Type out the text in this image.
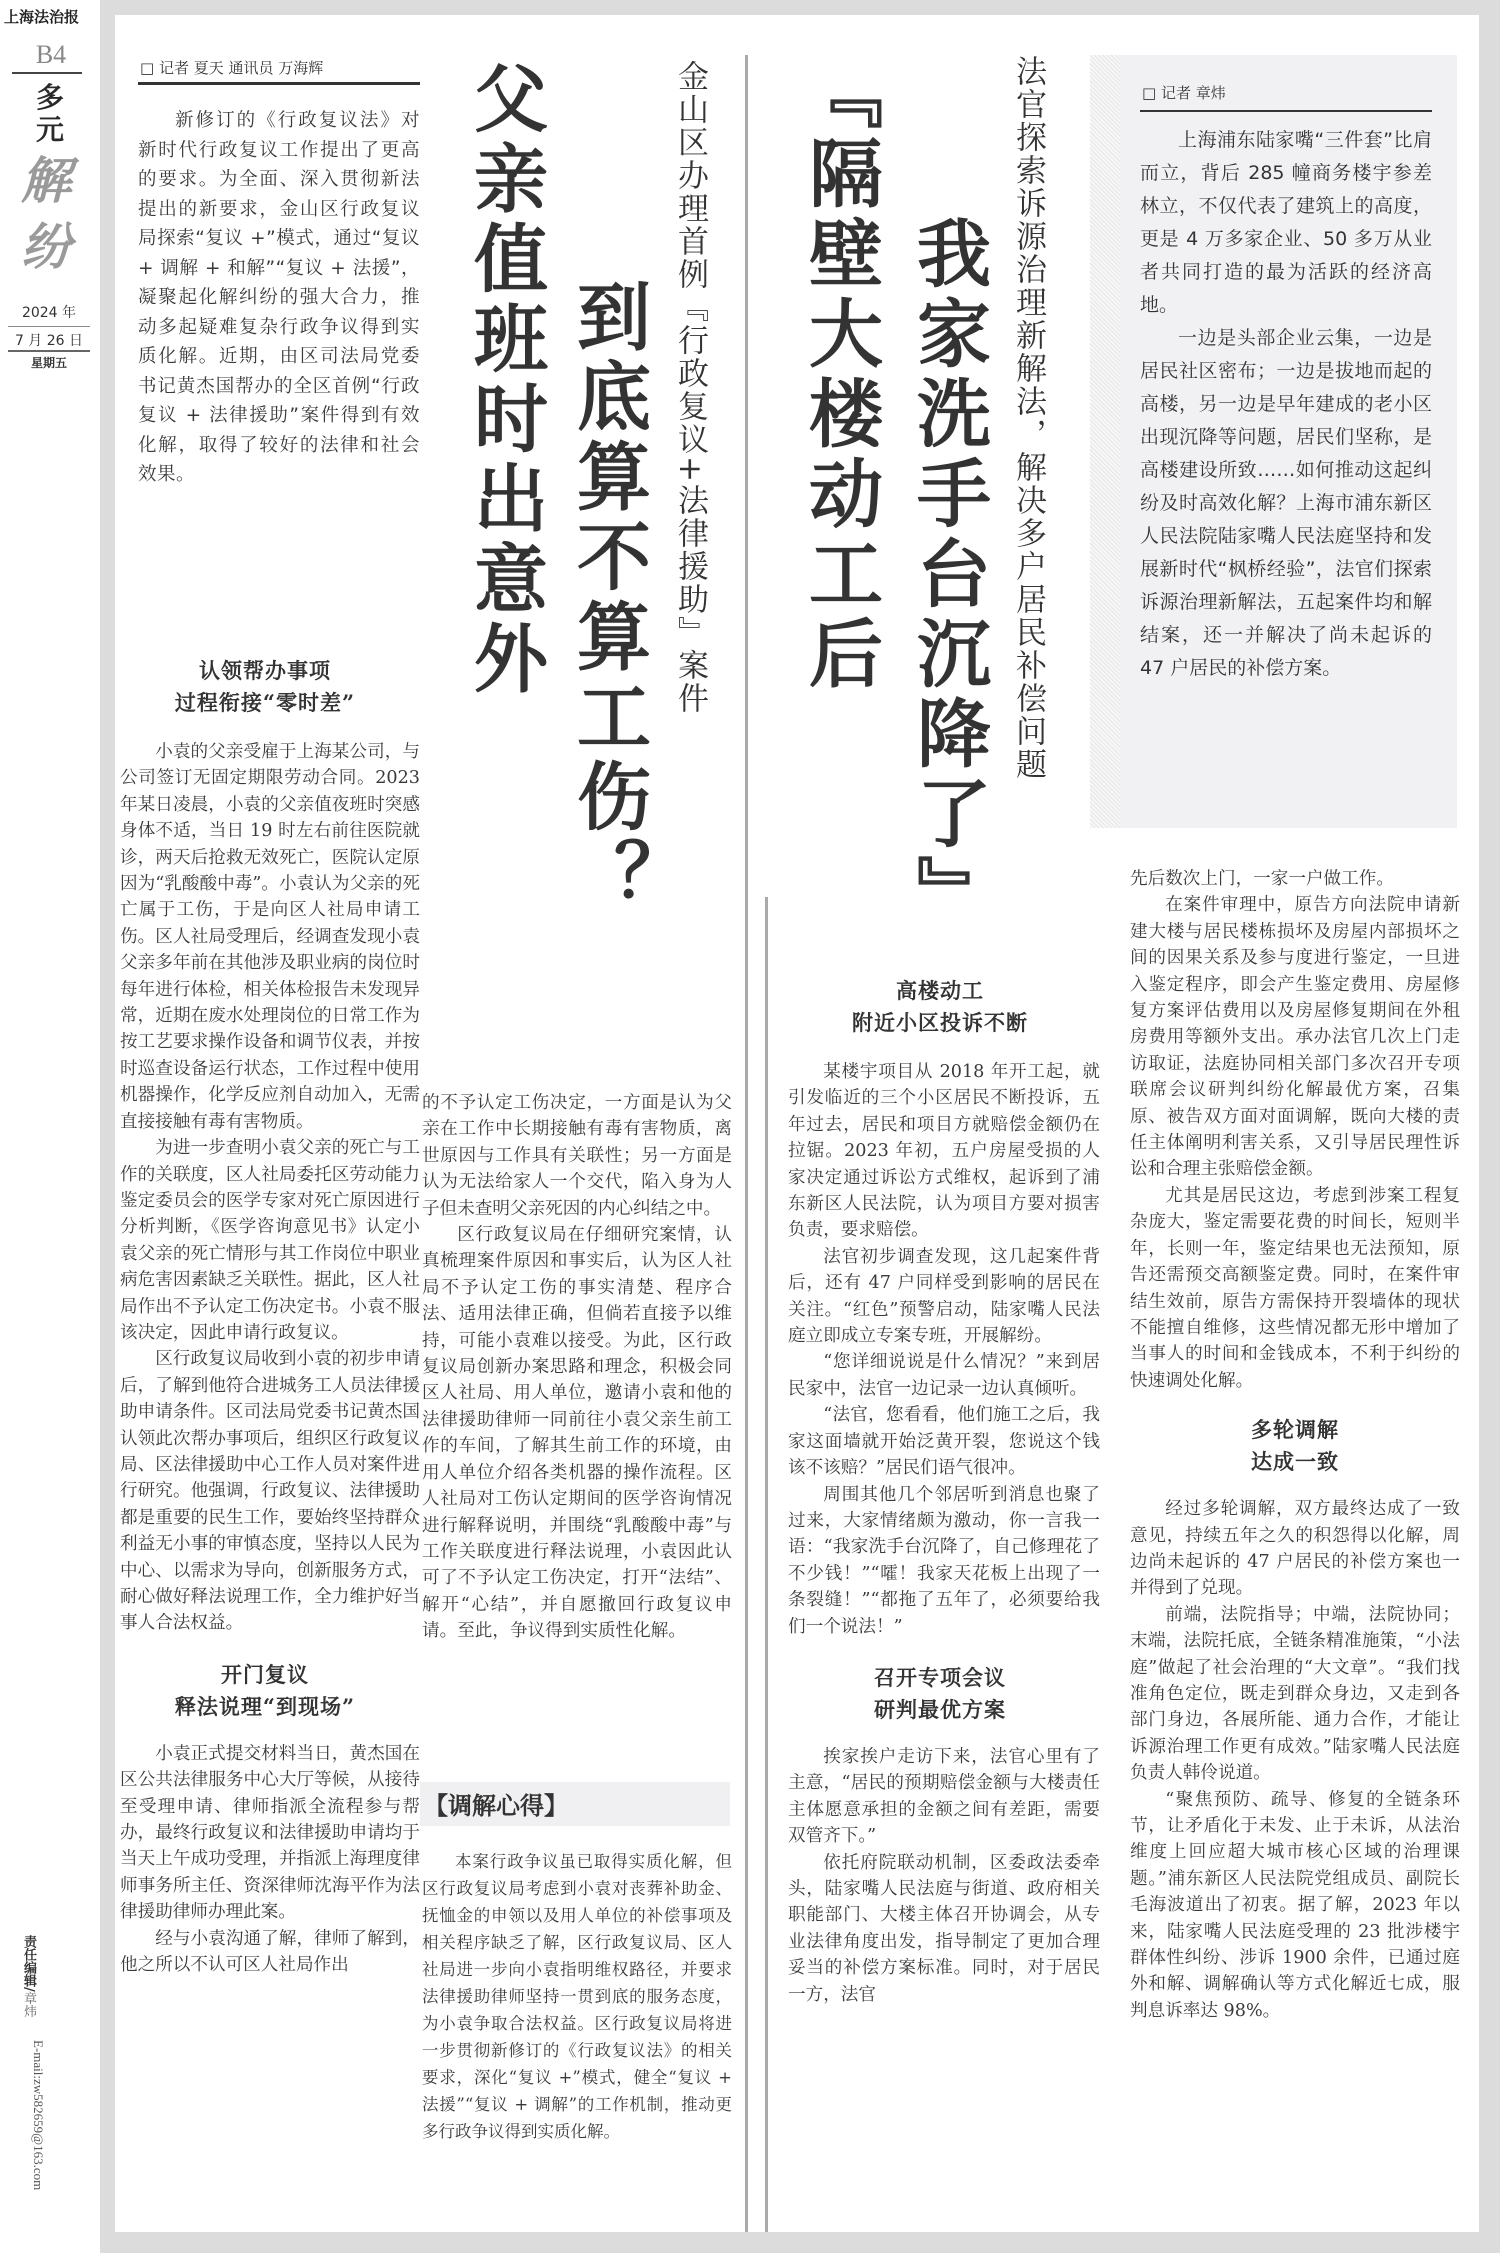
上海法治报
B4
多元
解纷
2024 年
7 月 26 日
星期五
责任编辑/章炜
E-mail:zw582659@163.com
□ 记者 夏天 通讯员 万海辉

新修订的《行政复议法》对新时代行政复议工作提出了更高的要求。为全面、深入贯彻新法提出的新要求，金山区行政复议局探索“复议 +”模式，通过“复议 + 调解 + 和解”“复议 + 法援”，凝聚起化解纠纷的强大合力，推动多起疑难复杂行政争议得到实质化解。近期，由区司法局党委书记黄杰国帮办的全区首例“行政复议 + 法律援助”案件得到有效化解，取得了较好的法律和社会效果。	金山区办理首例『行政复议+法律援助』案件
到底算不算工伤？
父亲值班时出意外
认领帮办事项
过程衔接“零时差”

小袁的父亲受雇于上海某公司，与公司签订无固定期限劳动合同。2023 年某日凌晨，小袁的父亲值夜班时突感身体不适，当日 19 时左右前往医院就诊，两天后抢救无效死亡，医院认定原因为“乳酸酸中毒”。小袁认为父亲的死亡属于工伤，于是向区人社局申请工伤。区人社局受理后，经调查发现小袁父亲多年前在其他涉及职业病的岗位时每年进行体检，相关体检报告未发现异常，近期在废水处理岗位的日常工作为按工艺要求操作设备和调节仪表，并按时巡查设备运行状态，工作过程中使用机器操作，化学反应剂自动加入，无需直接接触有毒有害物质。

为进一步查明小袁父亲的死亡与工作的关联度，区人社局委托区劳动能力鉴定委员会的医学专家对死亡原因进行分析判断，《医学咨询意见书》认定小袁父亲的死亡情形与其工作岗位中职业病危害因素缺乏关联性。据此，区人社局作出不予认定工伤决定书。小袁不服该决定，因此申请行政复议。

区行政复议局收到小袁的初步申请后，了解到他符合进城务工人员法律援助申请条件。区司法局党委书记黄杰国认领此次帮办事项后，组织区行政复议局、区法律援助中心工作人员对案件进行研究。他强调，行政复议、法律援助都是重要的民生工作，要始终坚持群众利益无小事的审慎态度，坚持以人民为中心、以需求为导向，创新服务方式，耐心做好释法说理工作，全力维护好当事人合法权益。

开门复议
释法说理“到现场”

小袁正式提交材料当日，黄杰国在区公共法律服务中心大厅等候，从接待至受理申请、律师指派全流程参与帮办，最终行政复议和法律援助申请均于当天上午成功受理，并指派上海理度律师事务所主任、资深律师沈海平作为法律援助律师办理此案。

经与小袁沟通了解，律师了解到，他之所以不认可区人社局作出

的不予认定工伤决定，一方面是认为父亲在工作中长期接触有毒有害物质，离世原因与工作具有关联性；另一方面是认为无法给家人一个交代，陷入身为人子但未查明父亲死因的内心纠结之中。

区行政复议局在仔细研究案情，认真梳理案件原因和事实后，认为区人社局不予认定工伤的事实清楚、程序合法、适用法律正确，但倘若直接予以维持，可能小袁难以接受。为此，区行政复议局创新办案思路和理念，积极会同区人社局、用人单位，邀请小袁和他的法律援助律师一同前往小袁父亲生前工作的车间，了解其生前工作的环境，由用人单位介绍各类机器的操作流程。区人社局对工伤认定期间的医学咨询情况进行解释说明，并围绕“乳酸酸中毒”与工作关联度进行释法说理，小袁因此认可了不予认定工伤决定，打开“法结”、解开“心结”，并自愿撤回行政复议申请。至此，争议得到实质性化解。

【调解心得】

本案行政争议虽已取得实质化解，但区行政复议局考虑到小袁对丧葬补助金、抚恤金的申领以及用人单位的补偿事项及相关程序缺乏了解，区行政复议局、区人社局进一步向小袁指明维权路径，并要求法律援助律师坚持一贯到底的服务态度，为小袁争取合法权益。区行政复议局将进一步贯彻新修订的《行政复议法》的相关要求，深化“复议 +”模式，健全“复议 + 法援”“复议 + 调解”的工作机制，推动更多行政争议得到实质化解。

法官探索诉源治理新解法，解决多户居民补偿问题
我家洗手台沉降了』
『隔壁大楼动工后	□ 记者 章炜

上海浦东陆家嘴“三件套”比肩而立，背后 285 幢商务楼宇参差林立，不仅代表了建筑上的高度，更是 4 万多家企业、50 多万从业者共同打造的最为活跃的经济高地。

一边是头部企业云集，一边是居民社区密布；一边是拔地而起的高楼，另一边是早年建成的老小区出现沉降等问题，居民们坚称，是高楼建设所致……如何推动这起纠纷及时高效化解？上海市浦东新区人民法院陆家嘴人民法庭坚持和发展新时代“枫桥经验”，法官们探索诉源治理新解法，五起案件均和解结案，还一并解决了尚未起诉的 47 户居民的补偿方案。

高楼动工
附近小区投诉不断

某楼宇项目从 2018 年开工起，就引发临近的三个小区居民不断投诉，五年过去，居民和项目方就赔偿金额仍在拉锯。2023 年初，五户房屋受损的人家决定通过诉讼方式维权，起诉到了浦东新区人民法院，认为项目方要对损害负责，要求赔偿。

法官初步调查发现，这几起案件背后，还有 47 户同样受到影响的居民在关注。“红色”预警启动，陆家嘴人民法庭立即成立专案专班，开展解纷。

“您详细说说是什么情况？”来到居民家中，法官一边记录一边认真倾听。

“法官，您看看，他们施工之后，我家这面墙就开始泛黄开裂，您说这个钱该不该赔？”居民们语气很冲。

周围其他几个邻居听到消息也聚了过来，大家情绪颇为激动，你一言我一语：“我家洗手台沉降了，自己修理花了不少钱！”“嚯！我家天花板上出现了一条裂缝！”“都拖了五年了，必须要给我们一个说法！”

召开专项会议
研判最优方案

挨家挨户走访下来，法官心里有了主意，“居民的预期赔偿金额与大楼责任主体愿意承担的金额之间有差距，需要双管齐下。”

依托府院联动机制，区委政法委牵头，陆家嘴人民法庭与街道、政府相关职能部门、大楼主体召开协调会，从专业法律角度出发，指导制定了更加合理妥当的补偿方案标准。同时，对于居民一方，法官

先后数次上门，一家一户做工作。

在案件审理中，原告方向法院申请新建大楼与居民楼栋损坏及房屋内部损坏之间的因果关系及参与度进行鉴定，一旦进入鉴定程序，即会产生鉴定费用、房屋修复方案评估费用以及房屋修复期间在外租房费用等额外支出。承办法官几次上门走访取证，法庭协同相关部门多次召开专项联席会议研判纠纷化解最优方案，召集原、被告双方面对面调解，既向大楼的责任主体阐明利害关系，又引导居民理性诉讼和合理主张赔偿金额。

尤其是居民这边，考虑到涉案工程复杂庞大，鉴定需要花费的时间长，短则半年，长则一年，鉴定结果也无法预知，原告还需预交高额鉴定费。同时，在案件审结生效前，原告方需保持开裂墙体的现状不能擅自维修，这些情况都无形中增加了当事人的时间和金钱成本，不利于纠纷的快速调处化解。

多轮调解
达成一致

经过多轮调解，双方最终达成了一致意见，持续五年之久的积怨得以化解，周边尚未起诉的 47 户居民的补偿方案也一并得到了兑现。

前端，法院指导；中端，法院协同；末端，法院托底，全链条精准施策，“小法庭”做起了社会治理的“大文章”。“我们找准角色定位，既走到群众身边，又走到各部门身边，各展所能、通力合作，才能让诉源治理工作更有成效。”陆家嘴人民法庭负责人韩伶说道。

“聚焦预防、疏导、修复的全链条环节，让矛盾化于未发、止于未诉，从法治维度上回应超大城市核心区域的治理课题。”浦东新区人民法院党组成员、副院长毛海波道出了初衷。据了解，2023 年以来，陆家嘴人民法庭受理的 23 批涉楼宇群体性纠纷、涉诉 1900 余件，已通过庭外和解、调解确认等方式化解近七成，服判息诉率达 98%。
